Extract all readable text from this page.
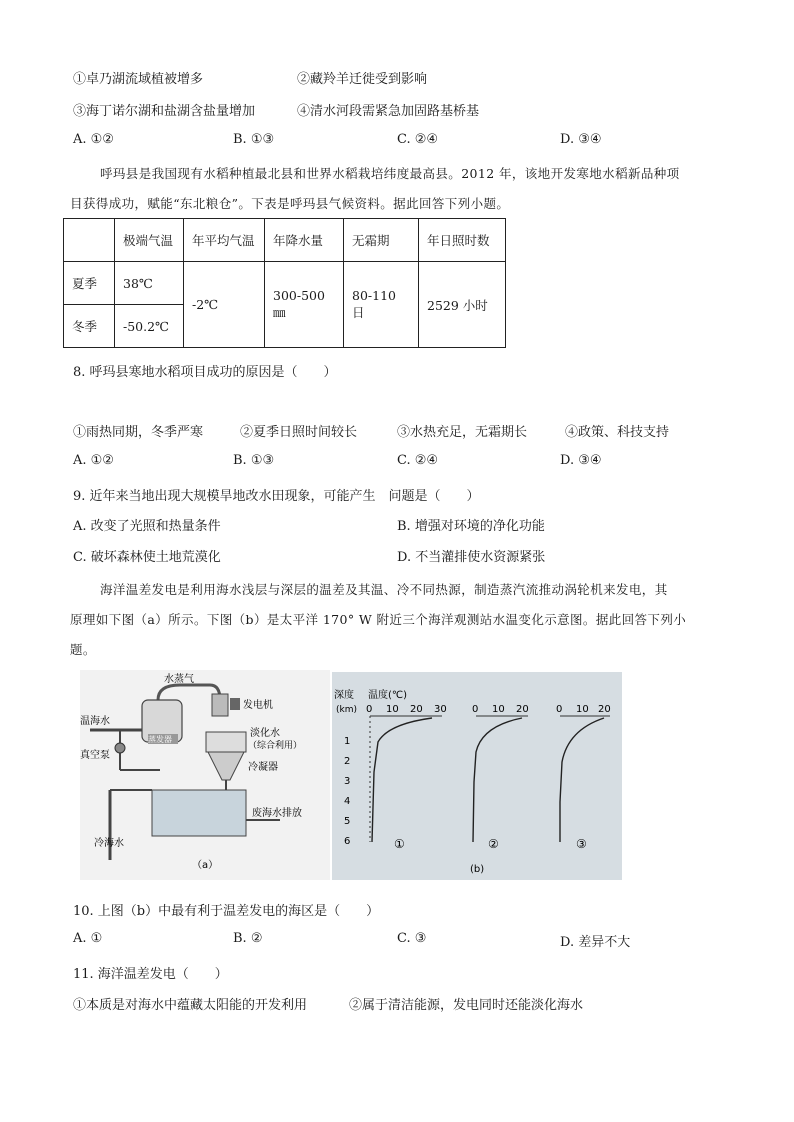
①卓乃湖流域植被增多	②藏羚羊迁徙受到影响
③海丁诺尔湖和盐湖含盐量增加	④清水河段需紧急加固路基桥基
A. ①②	B. ①③	C. ②④	D. ③④
呼玛县是我国现有水稻种植最北县和世界水稻栽培纬度最高县。2012 年，该地开发寒地水稻新品种项
目获得成功，赋能“东北粮仓”。下表是呼玛县气候资料。据此回答下列小题。
	极端气温	年平均气温	年降水量	无霜期	年日照时数
夏季	38℃	-2℃	300-500㎜	80-110 日	2529 小时
冬季	-50.2℃				
8. 呼玛县寒地水稻项目成功的原因是（　　）
①雨热同期，冬季严寒	②夏季日照时间较长	③水热充足，无霜期长	④政策、科技支持
A. ①②	B. ①③	C. ②④	D. ③④
9. 近年来当地出现大规模旱地改水田现象，可能产生　问题是（　　）
A. 改变了光照和热量条件	B. 增强对环境的净化功能
C. 破坏森林使土地荒漠化	D. 不当灌排使水资源紧张
海洋温差发电是利用海水浅层与深层的温差及其温、冷不同热源，制造蒸汽流推动涡轮机来发电，其
原理如下图（a）所示。下图（b）是太平洋 170° W 附近三个海洋观测站水温变化示意图。据此回答下列小
题。
水蒸气
发电机
温海水
蒸发器
淡化水
（综合利用）
真空泵
冷凝器
废海水排放
冷海水
（a）
深度 温度(℃)
(km) 0 10 20 30
1
2
3
4
5
6
0 10 20	0 10 20
①	②	③
(b)
10. 上图（b）中最有利于温差发电的海区是（　　）
A. ①	B. ②	C. ③	D. 差异不大
11. 海洋温差发电（　　）
①本质是对海水中蕴藏太阳能的开发利用	②属于清洁能源，发电同时还能淡化海水
